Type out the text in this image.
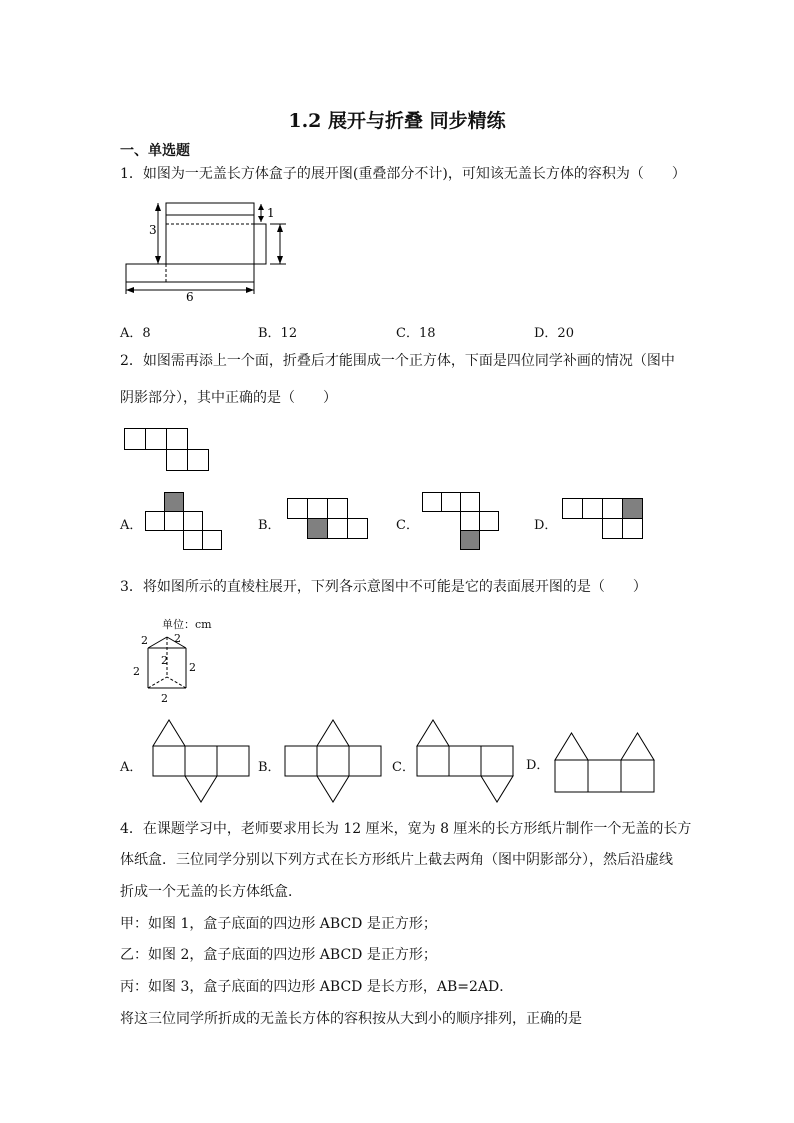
1.2 展开与折叠 同步精练
一、单选题
1．如图为一无盖长方体盒子的展开图(重叠部分不计)，可知该无盖长方体的容积为（　　）
3
1
6
A．8	B．12	C．18	D．20
2．如图需再添上一个面，折叠后才能围成一个正方体，下面是四位同学补画的情况（图中
阴影部分），其中正确的是（　　）
A．	B．	C．	D．
3．将如图所示的直棱柱展开，下列各示意图中不可能是它的表面展开图的是（　　）
单位：cm
2 2
2
2	2
2
A．	B．	C．	D．
4．在课题学习中，老师要求用长为 12 厘米，宽为 8 厘米的长方形纸片制作一个无盖的长方
体纸盒．三位同学分别以下列方式在长方形纸片上截去两角（图中阴影部分），然后沿虚线
折成一个无盖的长方体纸盒．
甲：如图 1，盒子底面的四边形 ABCD 是正方形；
乙：如图 2，盒子底面的四边形 ABCD 是正方形；
丙：如图 3，盒子底面的四边形 ABCD 是长方形，AB=2AD．
将这三位同学所折成的无盖长方体的容积按从大到小的顺序排列，正确的是
